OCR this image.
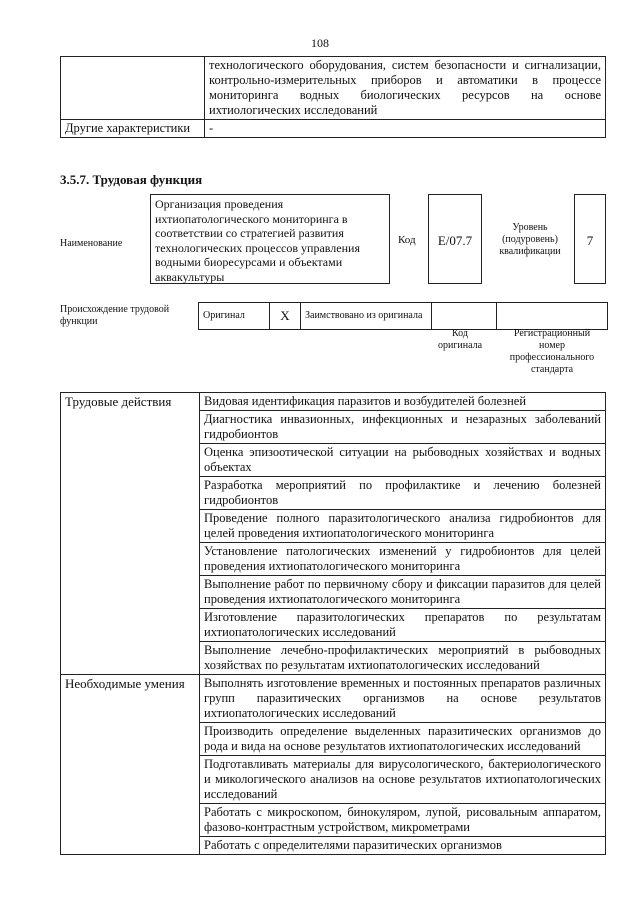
108
	технологического оборудования, систем безопасности и сигнализации, контрольно-измерительных приборов и автоматики в процессе мониторинга водных биологических ресурсов на основе ихтиологических исследований
Другие характеристики	-
3.5.7. Трудовая функция
Наименование
Организация проведения ихтиопатологического мониторинга в соответствии со стратегией развития технологических процессов управления водными биоресурсами и объектами аквакультуры
Код	E/07.7
Уровень (подуровень) квалификации
7
Происхождение трудовой функции
Оригинал	X	Заимствовано из оригинала		
Код оригинала
Регистрационный номер профессионального стандарта
Трудовые действия	Видовая идентификация паразитов и возбудителей болезней
	Диагностика инвазионных, инфекционных и незаразных заболеваний гидробионтов
	Оценка эпизоотической ситуации на рыбоводных хозяйствах и водных объектах
	Разработка мероприятий по профилактике и лечению болезней гидробионтов
	Проведение полного паразитологического анализа гидробионтов для целей проведения ихтиопатологического мониторинга
	Установление патологических изменений у гидробионтов для целей проведения ихтиопатологического мониторинга
	Выполнение работ по первичному сбору и фиксации паразитов для целей проведения ихтиопатологического мониторинга
	Изготовление паразитологических препаратов по результатам ихтиопатологических исследований
	Выполнение лечебно-профилактических мероприятий в рыбоводных хозяйствах по результатам ихтиопатологических исследований
Необходимые умения	Выполнять изготовление временных и постоянных препаратов различных групп паразитических организмов на основе результатов ихтиопатологических исследований
	Производить определение выделенных паразитических организмов до рода и вида на основе результатов ихтиопатологических исследований
	Подготавливать материалы для вирусологического, бактериологического и микологического анализов на основе результатов ихтиопатологических исследований
	Работать с микроскопом, бинокуляром, лупой, рисовальным аппаратом, фазово-контрастным устройством, микрометрами
	Работать с определителями паразитических организмов
